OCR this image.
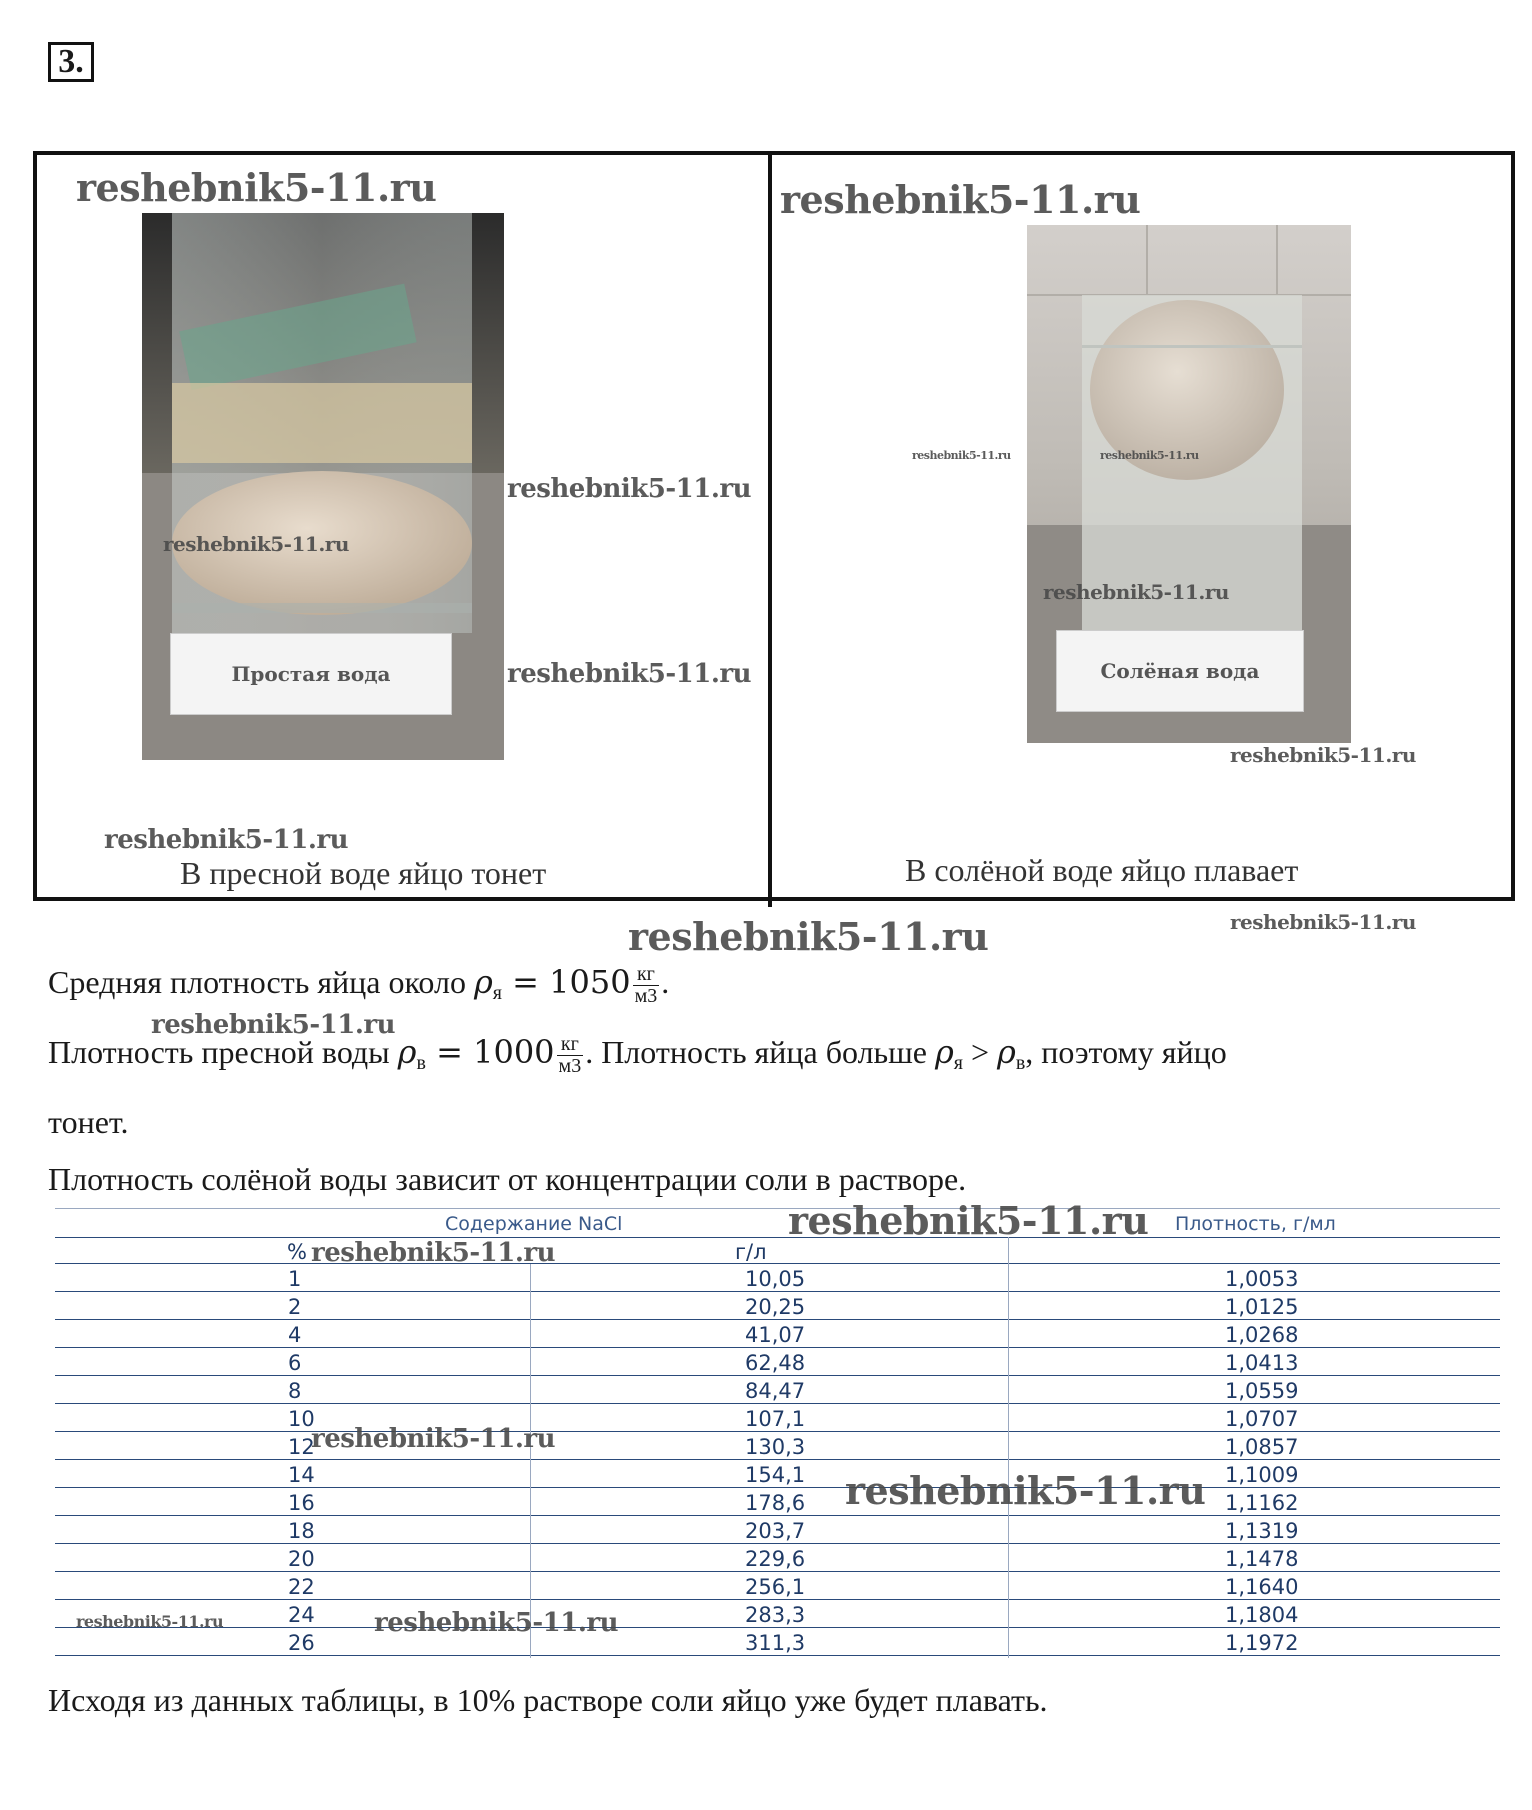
3.
Простая вода	Солёная вода
В пресной воде яйцо тонет	В солёной воде яйцо плавает
reshebnik5-11.ru	reshebnik5-11.ru
reshebnik5-11.ru
reshebnik5-11.ru
reshebnik5-11.ru
reshebnik5-11.ru	reshebnik5-11.ru
reshebnik5-11.ru
reshebnik5-11.ru
reshebnik5-11.ru
reshebnik5-11.ru	reshebnik5-11.ru
reshebnik5-11.ru
Средняя плотность яйца около $\rho_я = 1050 \frac{кг}{м3}$ .
Плотность пресной воды $\rho_в = 1000 \frac{кг}{м3}$ . Плотность яйца больше $\rho_я > \rho_в$, поэтому яйцо
тонет.
Плотность солёной воды зависит от концентрации соли в растворе.
Содержание NaCl	Плотность, г/мл
%	г/л
1	10,05	1,0053
2	20,25	1,0125
4	41,07	1,0268
6	62,48	1,0413
8	84,47	1,0559
10	107,1	1,0707
12	130,3	1,0857
14	154,1	1,1009
16	178,6	1,1162
18	203,7	1,1319
20	229,6	1,1478
22	256,1	1,1640
24	283,3	1,1804
26	311,3	1,1972
reshebnik5-11.ru
reshebnik5-11.ru
reshebnik5-11.ru
reshebnik5-11.ru
reshebnik5-11.ru	reshebnik5-11.ru
Исходя из данных таблицы, в 10% растворе соли яйцо уже будет плавать.
